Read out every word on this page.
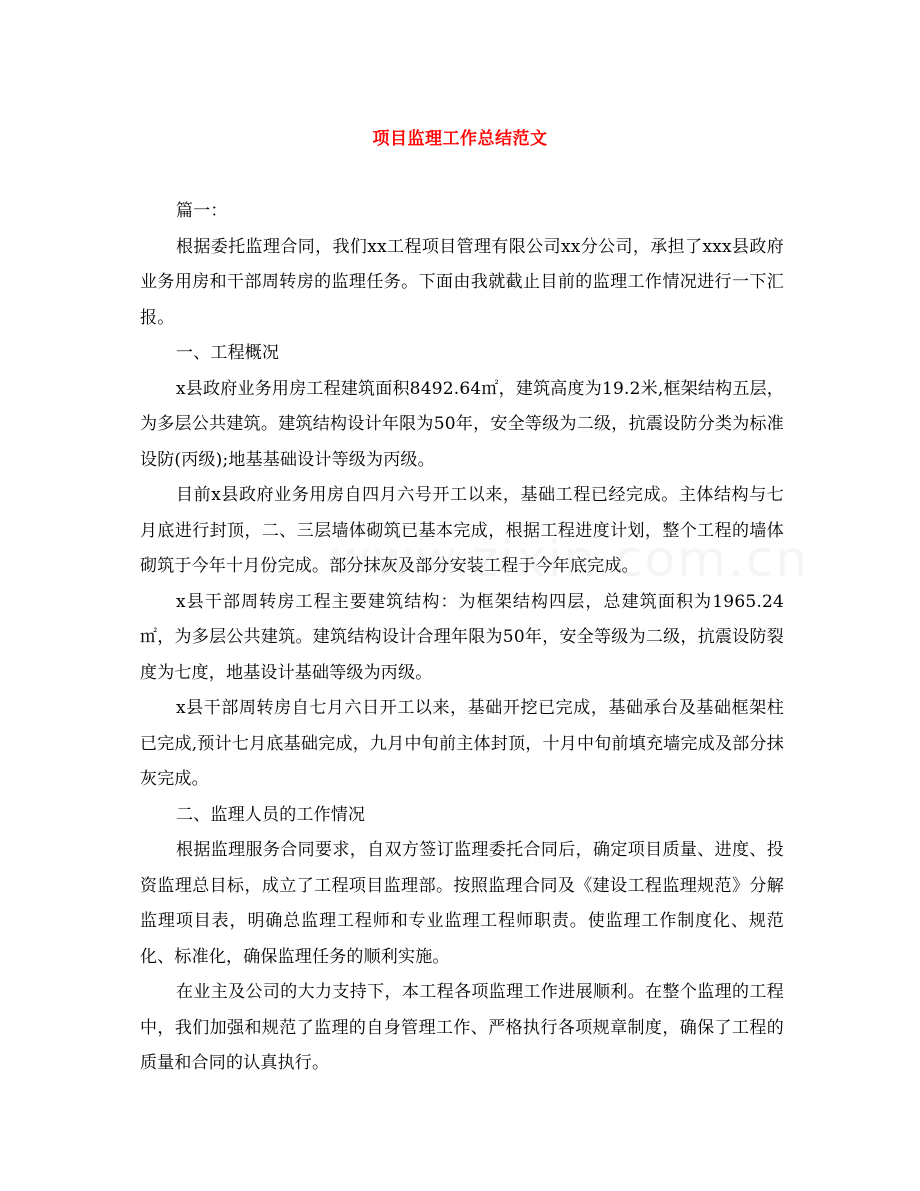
项目监理工作总结范文

篇一：

根据委托监理合同，我们xx工程项目管理有限公司xx分公司，承担了xxx县政府业务用房和干部周转房的监理任务。下面由我就截止目前的监理工作情况进行一下汇报。

一、工程概况

x县政府业务用房工程建筑面积8492.64㎡，建筑高度为19.2米,框架结构五层，为多层公共建筑。建筑结构设计年限为50年，安全等级为二级，抗震设防分类为标准设防(丙级);地基基础设计等级为丙级。

目前x县政府业务用房自四月六号开工以来，基础工程已经完成。主体结构与七月底进行封顶，二、三层墙体砌筑已基本完成，根据工程进度计划，整个工程的墙体砌筑于今年十月份完成。部分抹灰及部分安装工程于今年底完成。

x县干部周转房工程主要建筑结构：为框架结构四层，总建筑面积为1965.24㎡，为多层公共建筑。建筑结构设计合理年限为50年，安全等级为二级，抗震设防裂度为七度，地基设计基础等级为丙级。

x县干部周转房自七月六日开工以来，基础开挖已完成，基础承台及基础框架柱已完成,预计七月底基础完成，九月中旬前主体封顶，十月中旬前填充墙完成及部分抹灰完成。

二、监理人员的工作情况

根据监理服务合同要求，自双方签订监理委托合同后，确定项目质量、进度、投资监理总目标，成立了工程项目监理部。按照监理合同及《建设工程监理规范》分解监理项目表，明确总监理工程师和专业监理工程师职责。使监理工作制度化、规范化、标准化，确保监理任务的顺利实施。

在业主及公司的大力支持下，本工程各项监理工作进展顺利。在整个监理的工程中，我们加强和规范了监理的自身管理工作、严格执行各项规章制度，确保了工程的质量和合同的认真执行。
